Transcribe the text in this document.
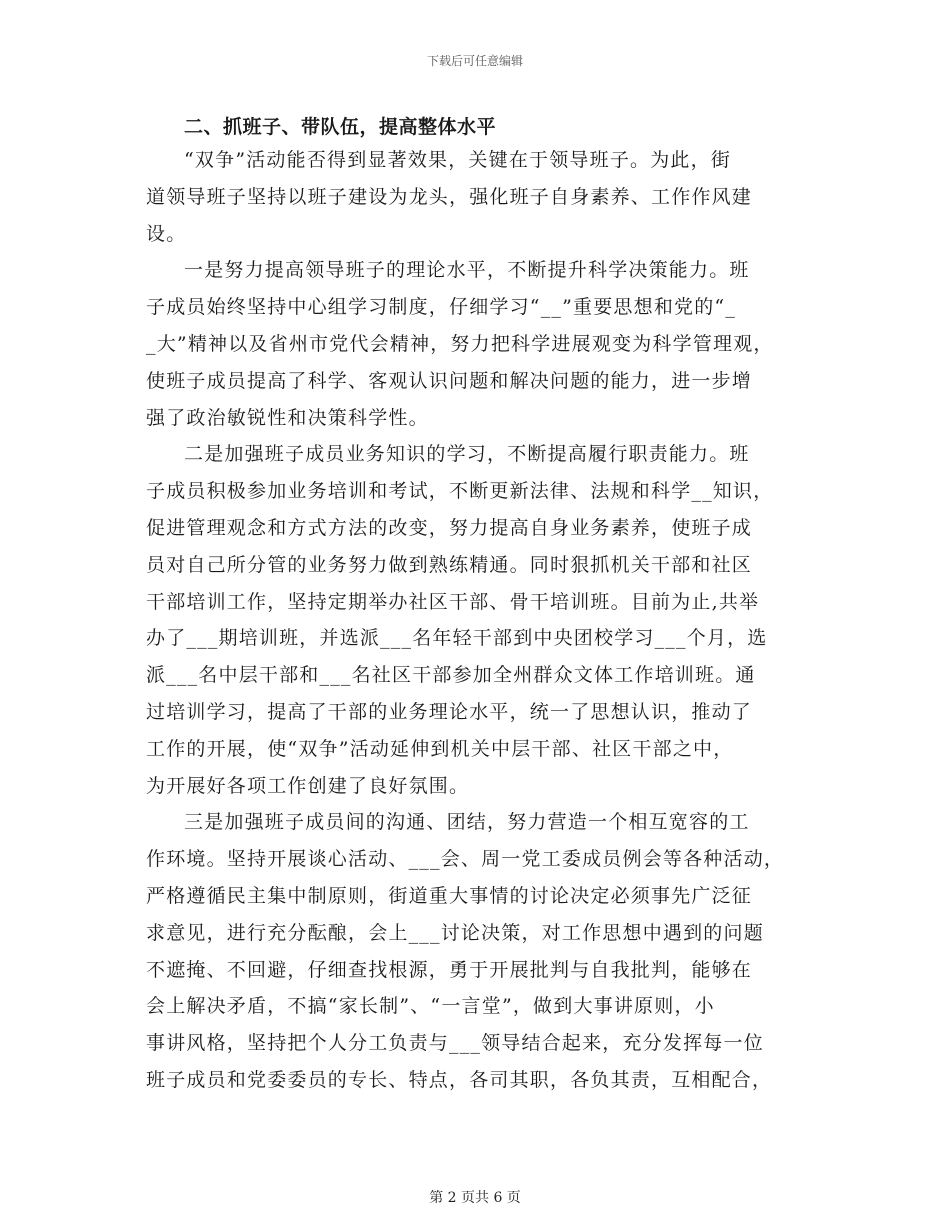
下载后可任意编辑
二、抓班子、带队伍，提高整体水平
“双争”活动能否得到显著效果，关键在于领导班子。为此，街
道领导班子坚持以班子建设为龙头，强化班子自身素养、工作作风建
设。
一是努力提高领导班子的理论水平，不断提升科学决策能力。班
子成员始终坚持中心组学习制度，仔细学习“__”重要思想和党的“_
_大”精神以及省州市党代会精神，努力把科学进展观变为科学管理观，
使班子成员提高了科学、客观认识问题和解决问题的能力，进一步增
强了政治敏锐性和决策科学性。
二是加强班子成员业务知识的学习，不断提高履行职责能力。班
子成员积极参加业务培训和考试，不断更新法律、法规和科学__知识，
促进管理观念和方式方法的改变，努力提高自身业务素养，使班子成
员对自己所分管的业务努力做到熟练精通。同时狠抓机关干部和社区
干部培训工作，坚持定期举办社区干部、骨干培训班。目前为止,共举
办了___期培训班，并选派___名年轻干部到中央团校学习___个月，选
派___名中层干部和___名社区干部参加全州群众文体工作培训班。通
过培训学习，提高了干部的业务理论水平，统一了思想认识，推动了
工作的开展，使“双争”活动延伸到机关中层干部、社区干部之中，
为开展好各项工作创建了良好氛围。
三是加强班子成员间的沟通、团结，努力营造一个相互宽容的工
作环境。坚持开展谈心活动、___会、周一党工委成员例会等各种活动，
严格遵循民主集中制原则，街道重大事情的讨论决定必须事先广泛征
求意见，进行充分酝酿，会上___讨论决策，对工作思想中遇到的问题
不遮掩、不回避，仔细查找根源，勇于开展批判与自我批判，能够在
会上解决矛盾，不搞“家长制”、“一言堂”，做到大事讲原则，小
事讲风格，坚持把个人分工负责与___领导结合起来，充分发挥每一位
班子成员和党委委员的专长、特点，各司其职，各负其责，互相配合，
第 2 页共 6 页
